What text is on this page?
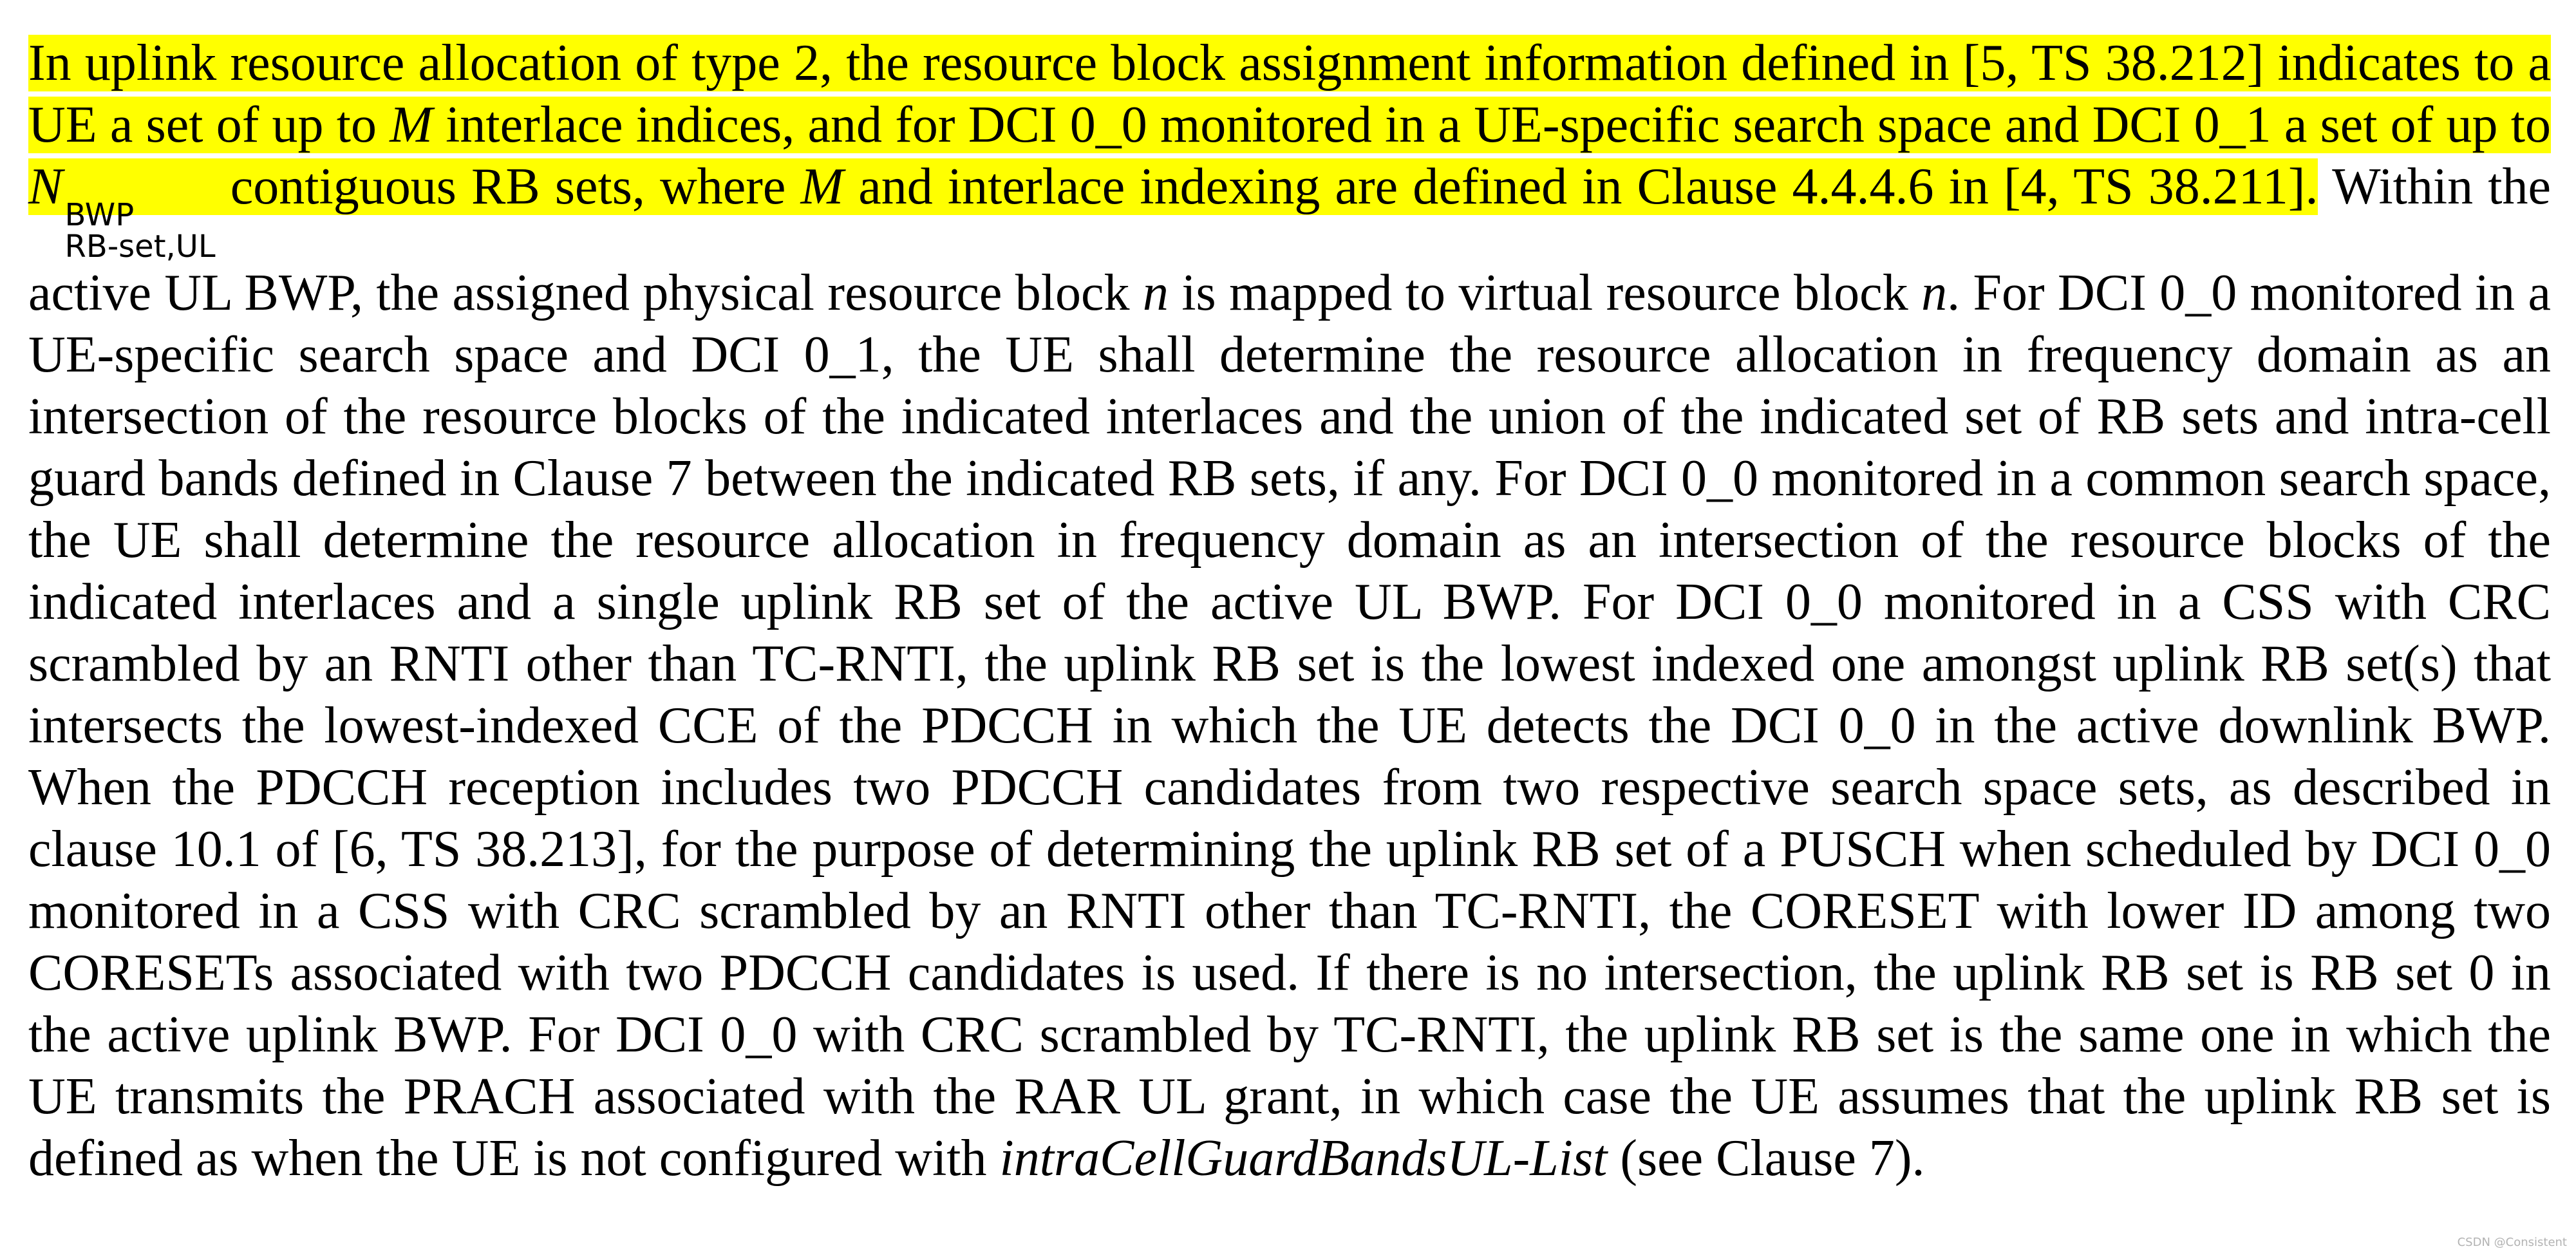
In uplink resource allocation of type 2, the resource block assignment information defined in [5, TS 38.212] indicates to a UE a set of up to M interlace indices, and for DCI 0_0 monitored in a UE-specific search space and DCI 0_1 a set of up to N BWP
RB-set,UL
contiguous RB sets, where M and interlace indexing are defined in Clause 4.4.4.6 in [4, TS 38.211]. Within the active UL BWP, the assigned physical resource block n is mapped to virtual resource block n. For DCI 0_0 monitored in a UE-specific search space and DCI 0_1, the UE shall determine the resource allocation in frequency domain as an intersection of the resource blocks of the indicated interlaces and the union of the indicated set of RB sets and intra-cell guard bands defined in Clause 7 between the indicated RB sets, if any. For DCI 0_0 monitored in a common search space, the UE shall determine the resource allocation in frequency domain as an intersection of the resource blocks of the indicated interlaces and a single uplink RB set of the active UL BWP. For DCI 0_0 monitored in a CSS with CRC scrambled by an RNTI other than TC-RNTI, the uplink RB set is the lowest indexed one amongst uplink RB set(s) that intersects the lowest-indexed CCE of the PDCCH in which the UE detects the DCI 0_0 in the active downlink BWP. When the PDCCH reception includes two PDCCH candidates from two respective search space sets, as described in clause 10.1 of [6, TS 38.213], for the purpose of determining the uplink RB set of a PUSCH when scheduled by DCI 0_0 monitored in a CSS with CRC scrambled by an RNTI other than TC-RNTI, the CORESET with lower ID among two CORESETs associated with two PDCCH candidates is used. If there is no intersection, the uplink RB set is RB set 0 in the active uplink BWP. For DCI 0_0 with CRC scrambled by TC-RNTI, the uplink RB set is the same one in which the UE transmits the PRACH associated with the RAR UL grant, in which case the UE assumes that the uplink RB set is defined as when the UE is not configured with intraCellGuardBandsUL-List (see Clause 7).
CSDN @Consistent
